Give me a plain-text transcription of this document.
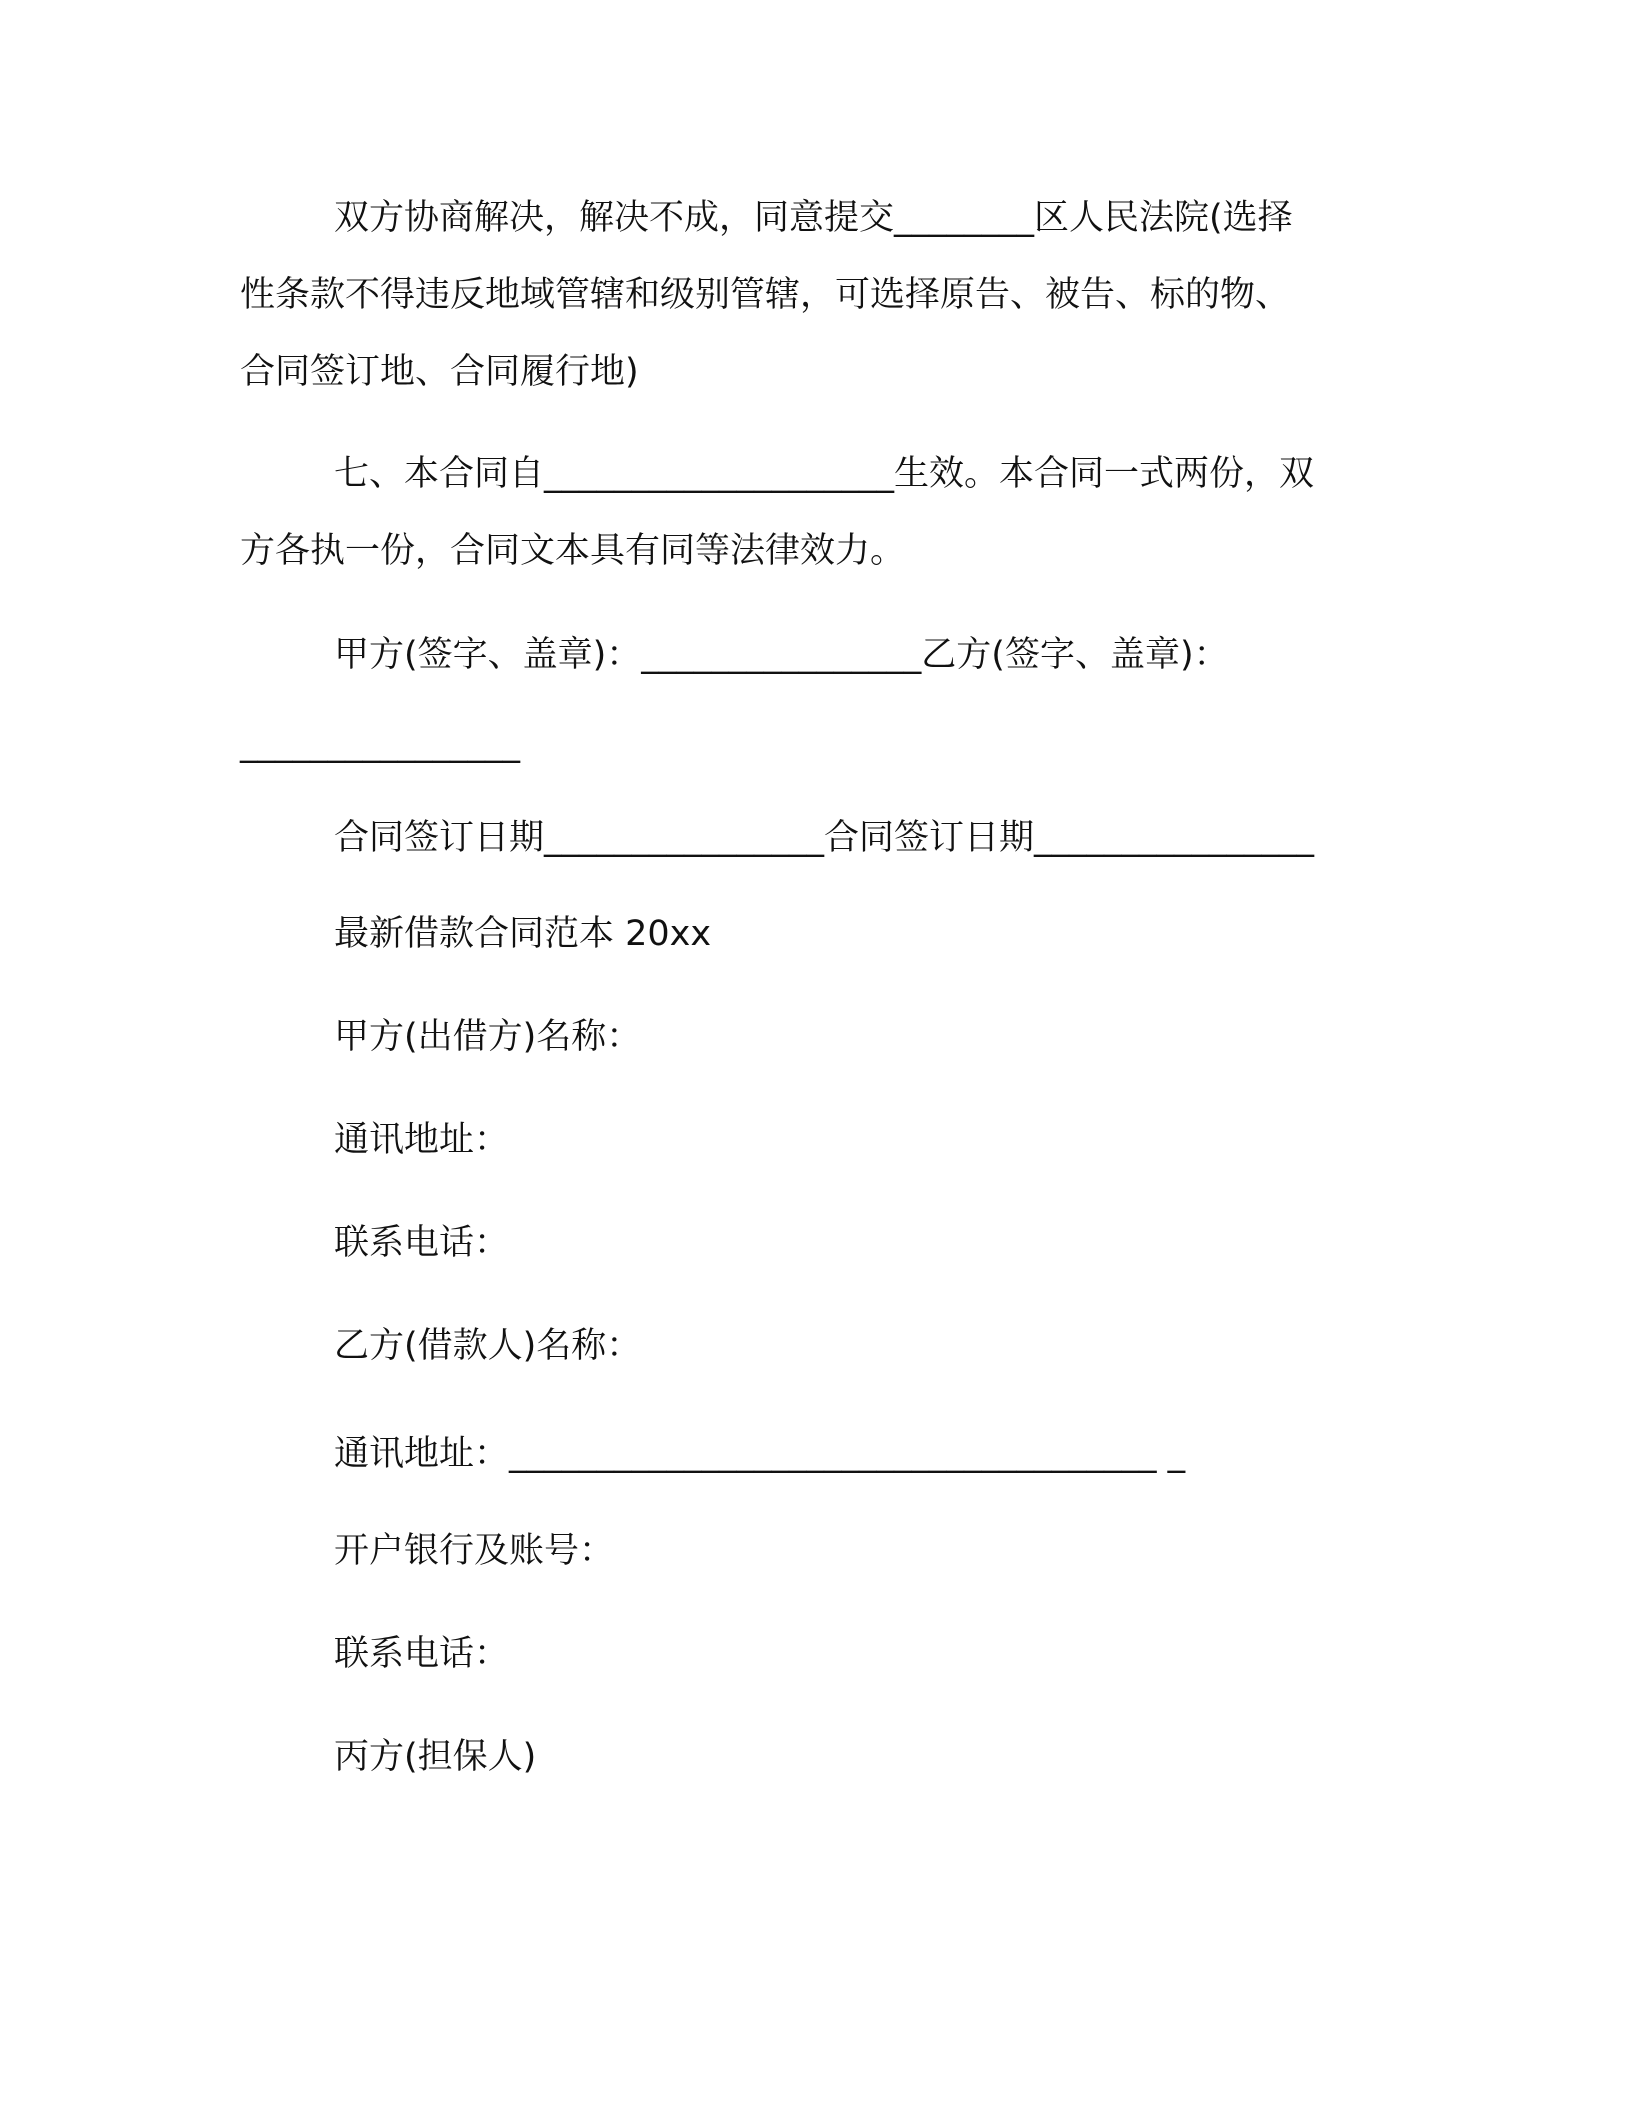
双方协商解决，解决不成，同意提交________区人民法院(选择
性条款不得违反地域管辖和级别管辖，可选择原告、被告、标的物、
合同签订地、合同履行地)
七、本合同自____________________生效。本合同一式两份，双
方各执一份，合同文本具有同等法律效力。
甲方(签字、盖章)：________________乙方(签字、盖章)：
________________
合同签订日期________________合同签订日期________________
最新借款合同范本 20xx
甲方(出借方)名称：
通讯地址：
联系电话：
乙方(借款人)名称：
通讯地址：_____________________________________ _
开户银行及账号：
联系电话：
丙方(担保人)
